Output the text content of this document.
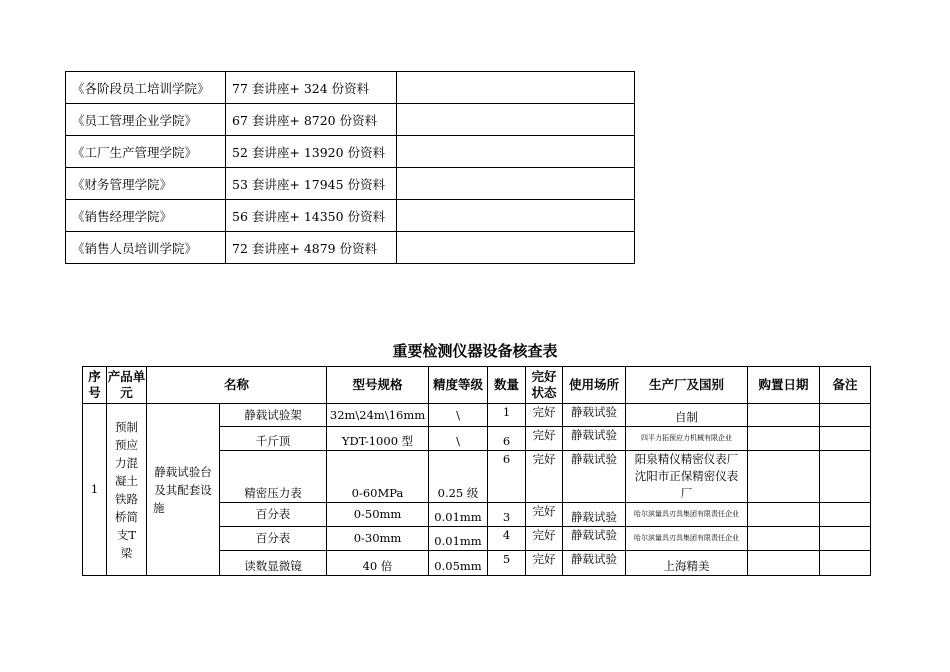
《各阶段员工培训学院》	77 套讲座+ 324 份资料	
《员工管理企业学院》	67 套讲座+ 8720 份资料	
《工厂生产管理学院》	52 套讲座+ 13920 份资料	
《财务管理学院》	53 套讲座+ 17945 份资料	
《销售经理学院》	56 套讲座+ 14350 份资料	
《销售人员培训学院》	72 套讲座+ 4879 份资料	
重要检测仪器设备核查表
序号	产品单元	名称		型号规格	精度等级	数量	完好状态	使用场所	生产厂及国别	购置日期	备注
1	预制预应力混凝土铁路桥简支T梁	静载试验台及其配套设施	静载试验架	32m\24m\16mm	\	1	完好	静载试验	自制		
			千斤顶	YDT-1000 型	\	6	完好	静载试验	四平力拓预应力机械有限企业		
			精密压力表	0-60MPa	0.25 级	6	完好	静载试验	阳泉精仪精密仪表厂 沈阳市正保精密仪表厂		
			百分表	0-50mm	0.01mm	3	完好	静载试验	哈尔滨量具刃具集团有限责任企业		
			百分表	0-30mm	0.01mm	4	完好	静载试验	哈尔滨量具刃具集团有限责任企业		
			读数显微镜	40 倍	0.05mm	5	完好	静载试验	上海精美		
